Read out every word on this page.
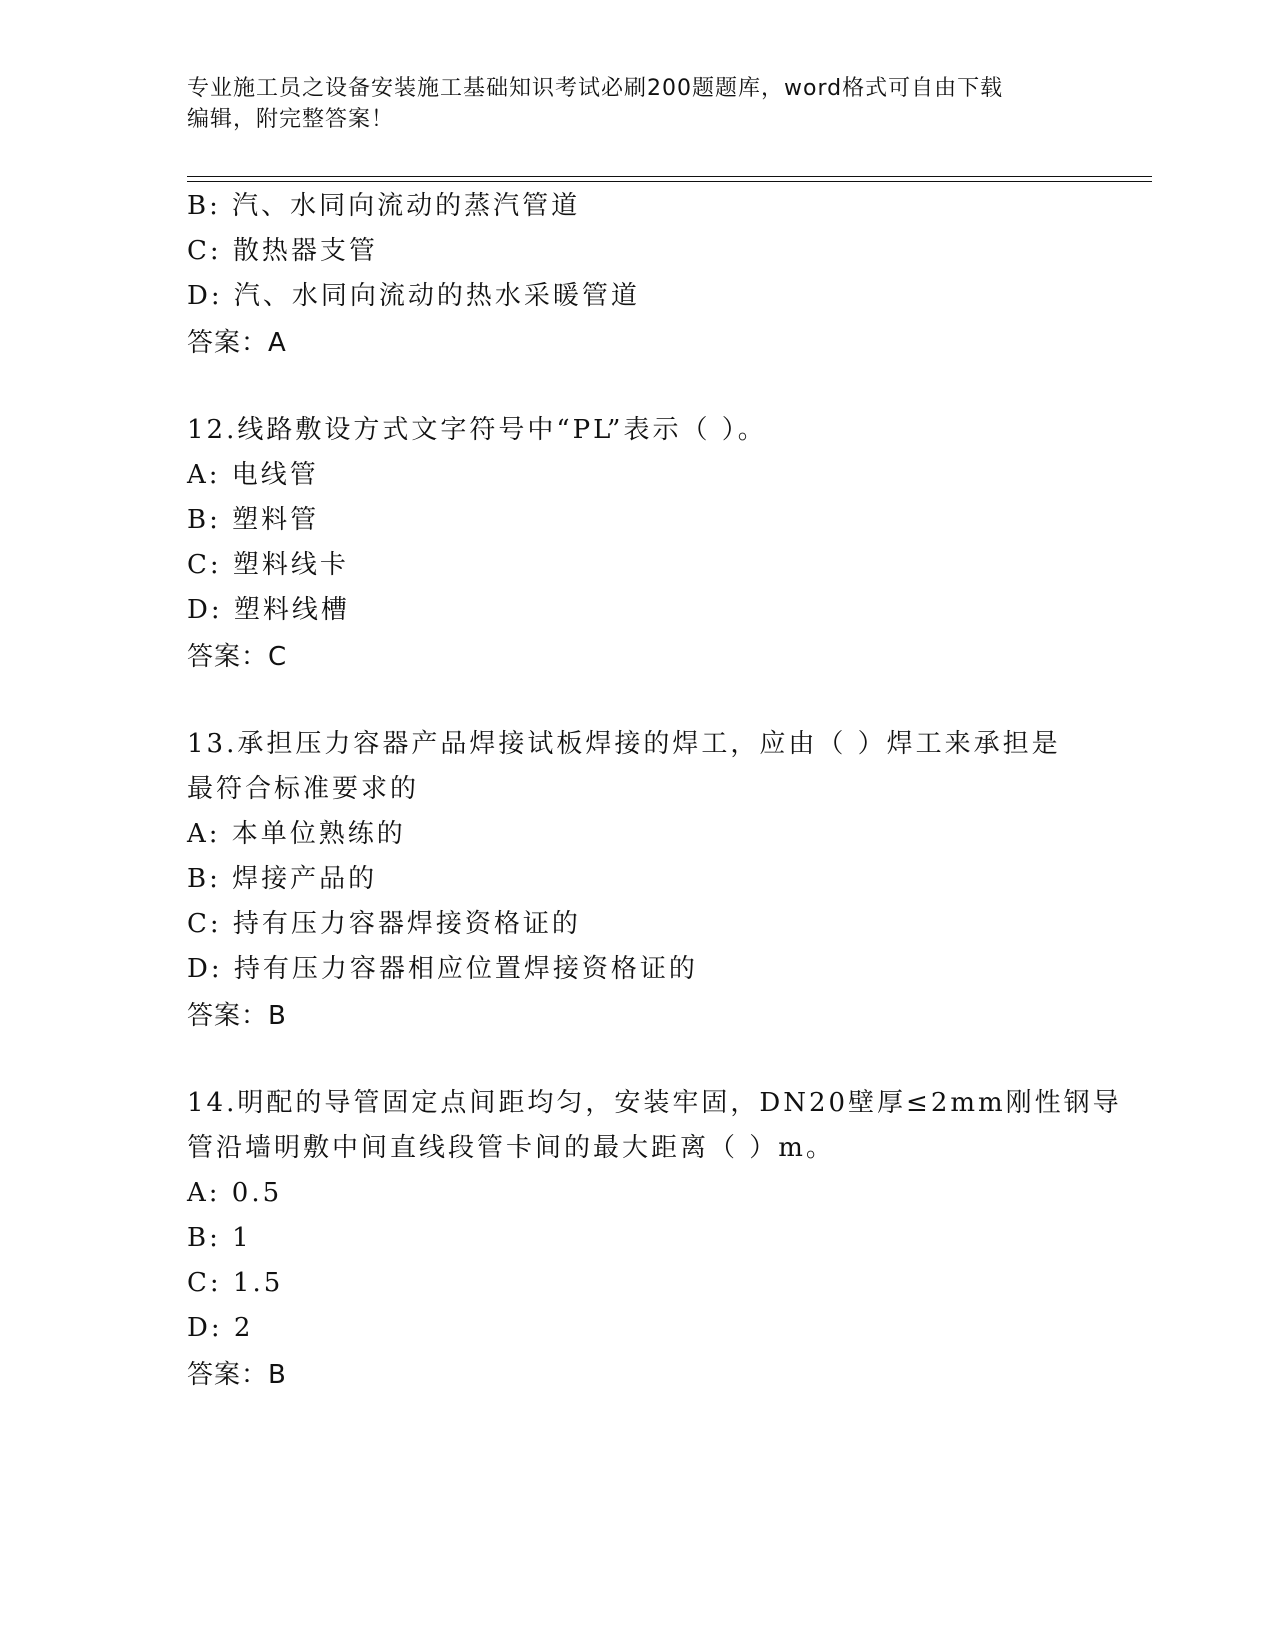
专业施工员之设备安装施工基础知识考试必刷200题题库，word格式可自由下载
编辑，附完整答案！
B: 汽、水同向流动的蒸汽管道
C: 散热器支管
D: 汽、水同向流动的热水采暖管道
答案：A
12.线路敷设方式文字符号中“PL”表示（ ）。
A: 电线管
B: 塑料管
C: 塑料线卡
D: 塑料线槽
答案：C
13.承担压力容器产品焊接试板焊接的焊工，应由（ ）焊工来承担是
最符合标准要求的
A: 本单位熟练的
B: 焊接产品的
C: 持有压力容器焊接资格证的
D: 持有压力容器相应位置焊接资格证的
答案：B
14.明配的导管固定点间距均匀，安装牢固，DN20壁厚≤2mm刚性钢导
管沿墙明敷中间直线段管卡间的最大距离（ ）m。
A: 0.5
B: 1
C: 1.5
D: 2
答案：B
